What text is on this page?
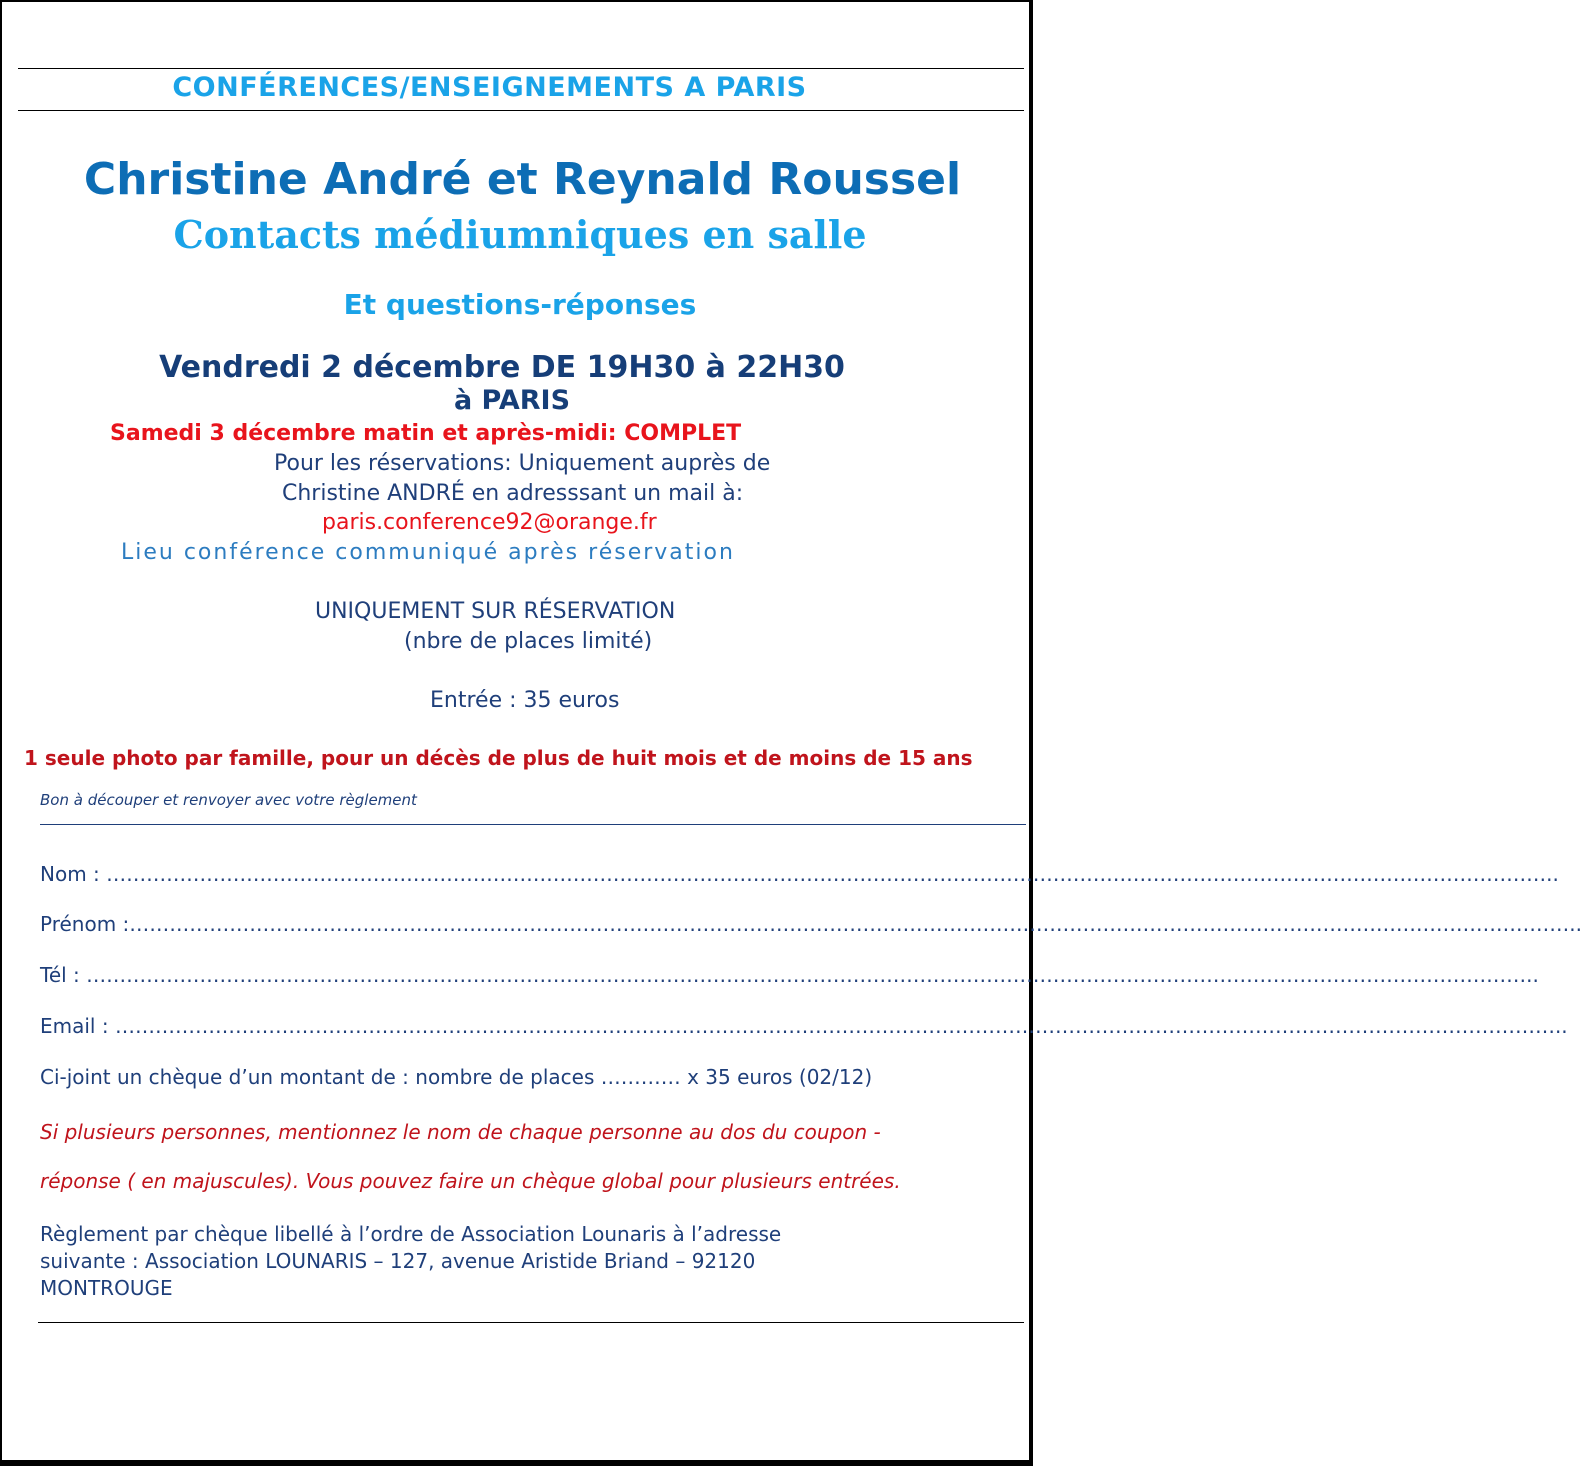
CONFÉRENCES/ENSEIGNEMENTS A PARIS
Christine André et Reynald Roussel
Contacts médiumniques en salle
Et questions-réponses
Vendredi 2 décembre DE 19H30 à 22H30
à PARIS
Samedi 3 décembre matin et après-midi: COMPLET
Pour les réservations: Uniquement auprès de
Christine ANDRÉ en adresssant un mail à:
paris.conference92@orange.fr
Lieu conférence communiqué après réservation
UNIQUEMENT SUR RÉSERVATION
(nbre de places limité)
Entrée : 35 euros
1 seule photo par famille, pour un décès de plus de huit mois et de moins de 15 ans
Bon à découper et renvoyer avec votre règlement
Nom : ………………………………………………………………………………………………………………………………………………………………………………………………..
Prénom :………………………………………………………………………………………………………………………………………………………………………………………………..
Tél : ………………………………………………………………………………………………………………………………………………………………………………………………..
Email : ………………………………………………………………………………………………………………………………………………………………………………………………..
Ci-joint un chèque d’un montant de : nombre de places ………… x 35 euros (02/12)
Si plusieurs personnes, mentionnez le nom de chaque personne au dos du coupon -
réponse ( en majuscules). Vous pouvez faire un chèque global pour plusieurs entrées.
Règlement par chèque libellé à l’ordre de Association Lounaris à l’adresse suivante : Association LOUNARIS – 127, avenue Aristide Briand – 92120 MONTROUGE
